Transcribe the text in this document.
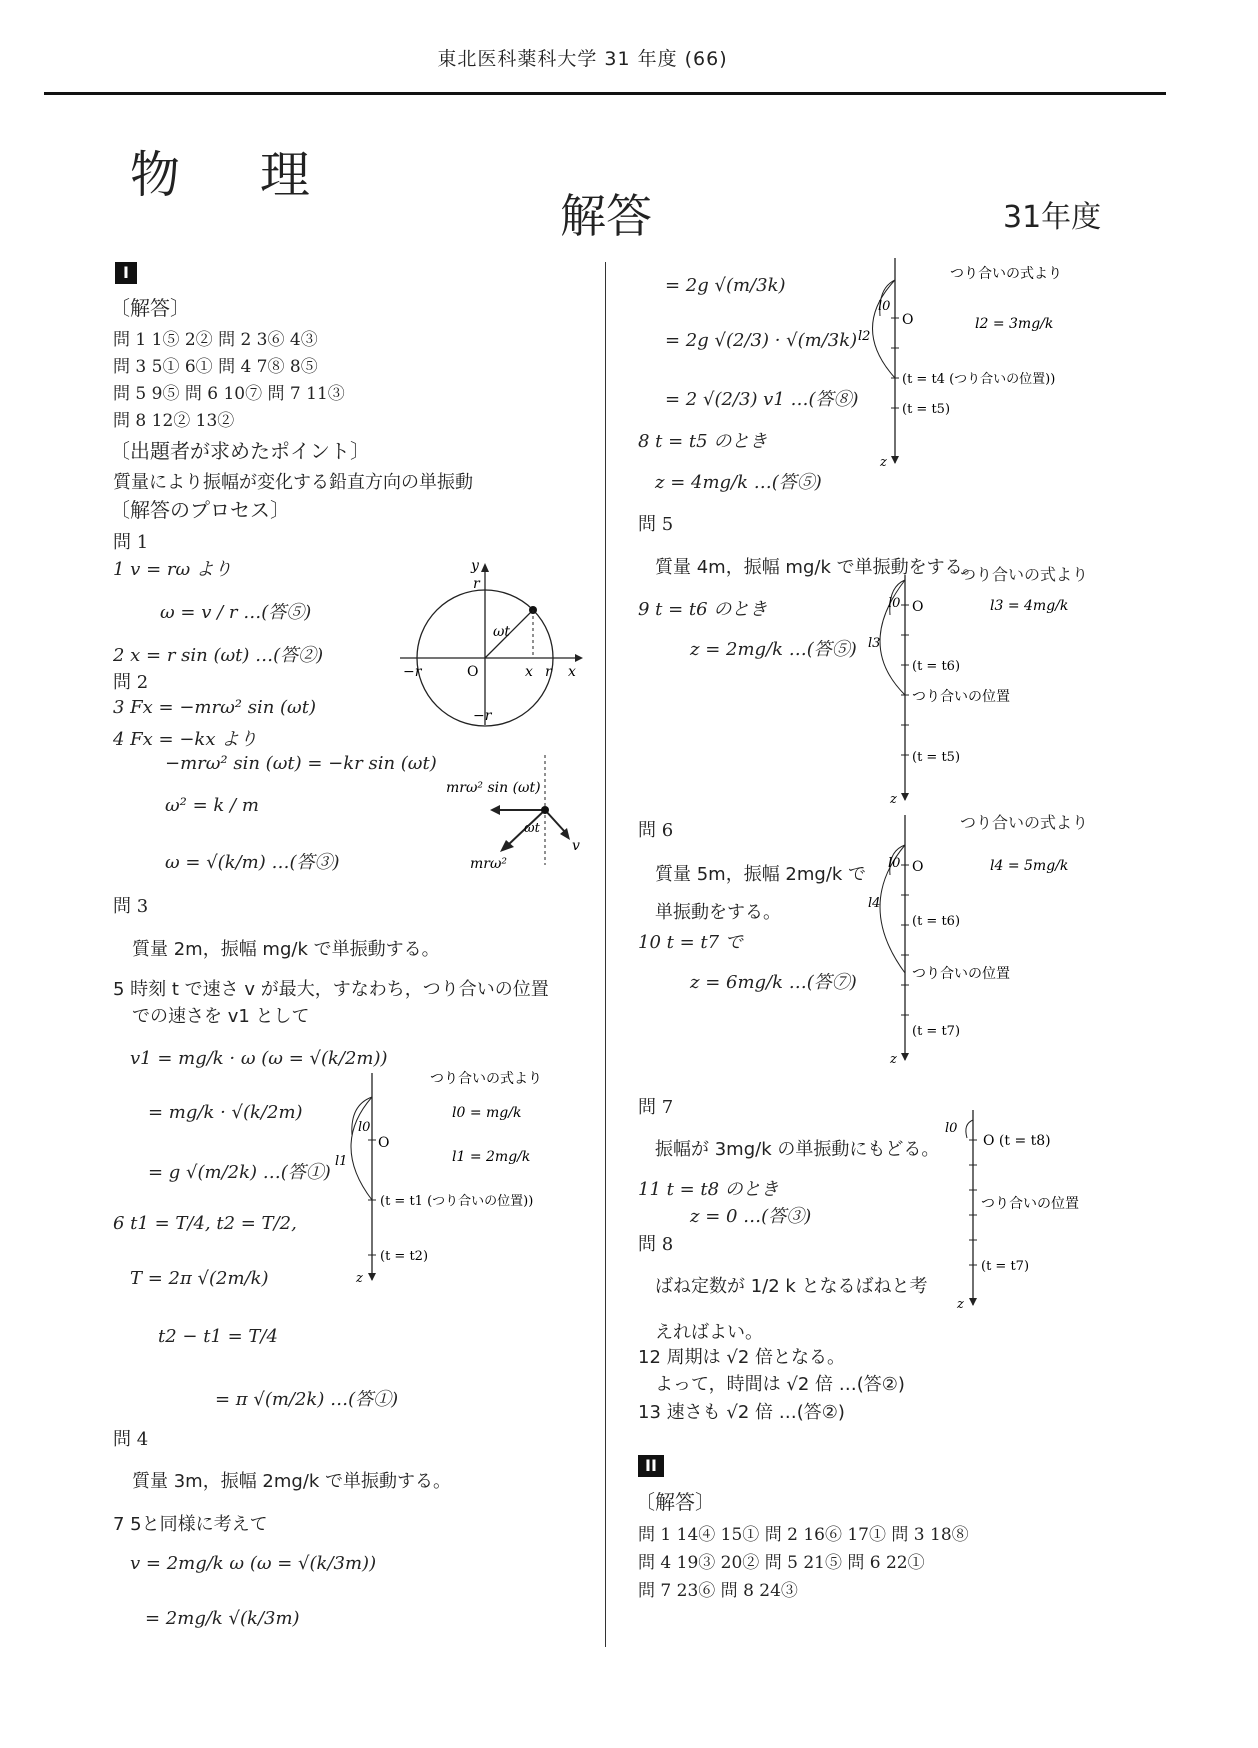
東北医科薬科大学 31 年度 (66)
物 理
解答	31年度
I
〔解答〕
問 1 1⑤ 2② 問 2 3⑥ 4③
問 3 5① 6① 問 4 7⑧ 8⑤
問 5 9⑤ 問 6 10⑦ 問 7 11③
問 8 12② 13②
〔出題者が求めたポイント〕
質量により振幅が変化する鉛直方向の単振動
〔解答のプロセス〕
問 1
1 v = rω より
ω = v / r …(答⑤)
2 x = r sin (ωt) …(答②)
問 2
3 Fx = −mrω² sin (ωt)
4 Fx = −kx より
−mrω² sin (ωt) = −kr sin (ωt)
ω² = k / m
ω = √(k/m) …(答③)
問 3
質量 2m，振幅 mg/k で単振動する。
5 時刻 t で速さ v が最大，すなわち，つり合いの位置
での速さを v1 として
v1 = mg/k · ω (ω = √(k/2m))
= mg/k · √(k/2m)
= g √(m/2k) …(答①)
6 t1 = T/4, t2 = T/2,
T = 2π √(2m/k)
t2 − t1 = T/4
= π √(m/2k) …(答①)
問 4
質量 3m，振幅 2mg/k で単振動する。
7 5と同様に考えて
v = 2mg/k ω (ω = √(k/3m))
= 2mg/k √(k/3m)
y
r
−r
−r	r
O	x
x
ωt
mrω² sin (ωt)
mrω²
ωt
v
l0
l1
O
(t = t1 (つり合いの位置))
(t = t2)
z
つり合いの式より
l0 = mg/k
l1 = 2mg/k
= 2g √(m/3k)
= 2g √(2/3) · √(m/3k)
= 2 √(2/3) v1 …(答⑧)
8 t = t5 のとき
z = 4mg/k …(答⑤)
問 5
質量 4m，振幅 mg/k で単振動をする。
9 t = t6 のとき
z = 2mg/k …(答⑤)
問 6
質量 5m，振幅 2mg/k で
単振動をする。
10 t = t7 で
z = 6mg/k …(答⑦)
問 7
振幅が 3mg/k の単振動にもどる。
11 t = t8 のとき
z = 0 …(答③)
問 8
ばね定数が 1/2 k となるばねと考
えればよい。
12 周期は √2 倍となる。
よって，時間は √2 倍 …(答②)
13 速さも √2 倍 …(答②)
l0
l2
O
(t = t4 (つり合いの位置))
(t = t5)
z
つり合いの式より
l2 = 3mg/k
l0
l3
O
(t = t6)
つり合いの位置
(t = t5)
z
l3 = 4mg/k
つり合いの式より
l0
l4
O
(t = t6)
つり合いの位置
(t = t7)
z
l4 = 5mg/k
つり合いの式より
l0
O (t = t8)
つり合いの位置
(t = t7)
z
II
〔解答〕
問 1 14④ 15① 問 2 16⑥ 17① 問 3 18⑧
問 4 19③ 20② 問 5 21⑤ 問 6 22①
問 7 23⑥ 問 8 24③
